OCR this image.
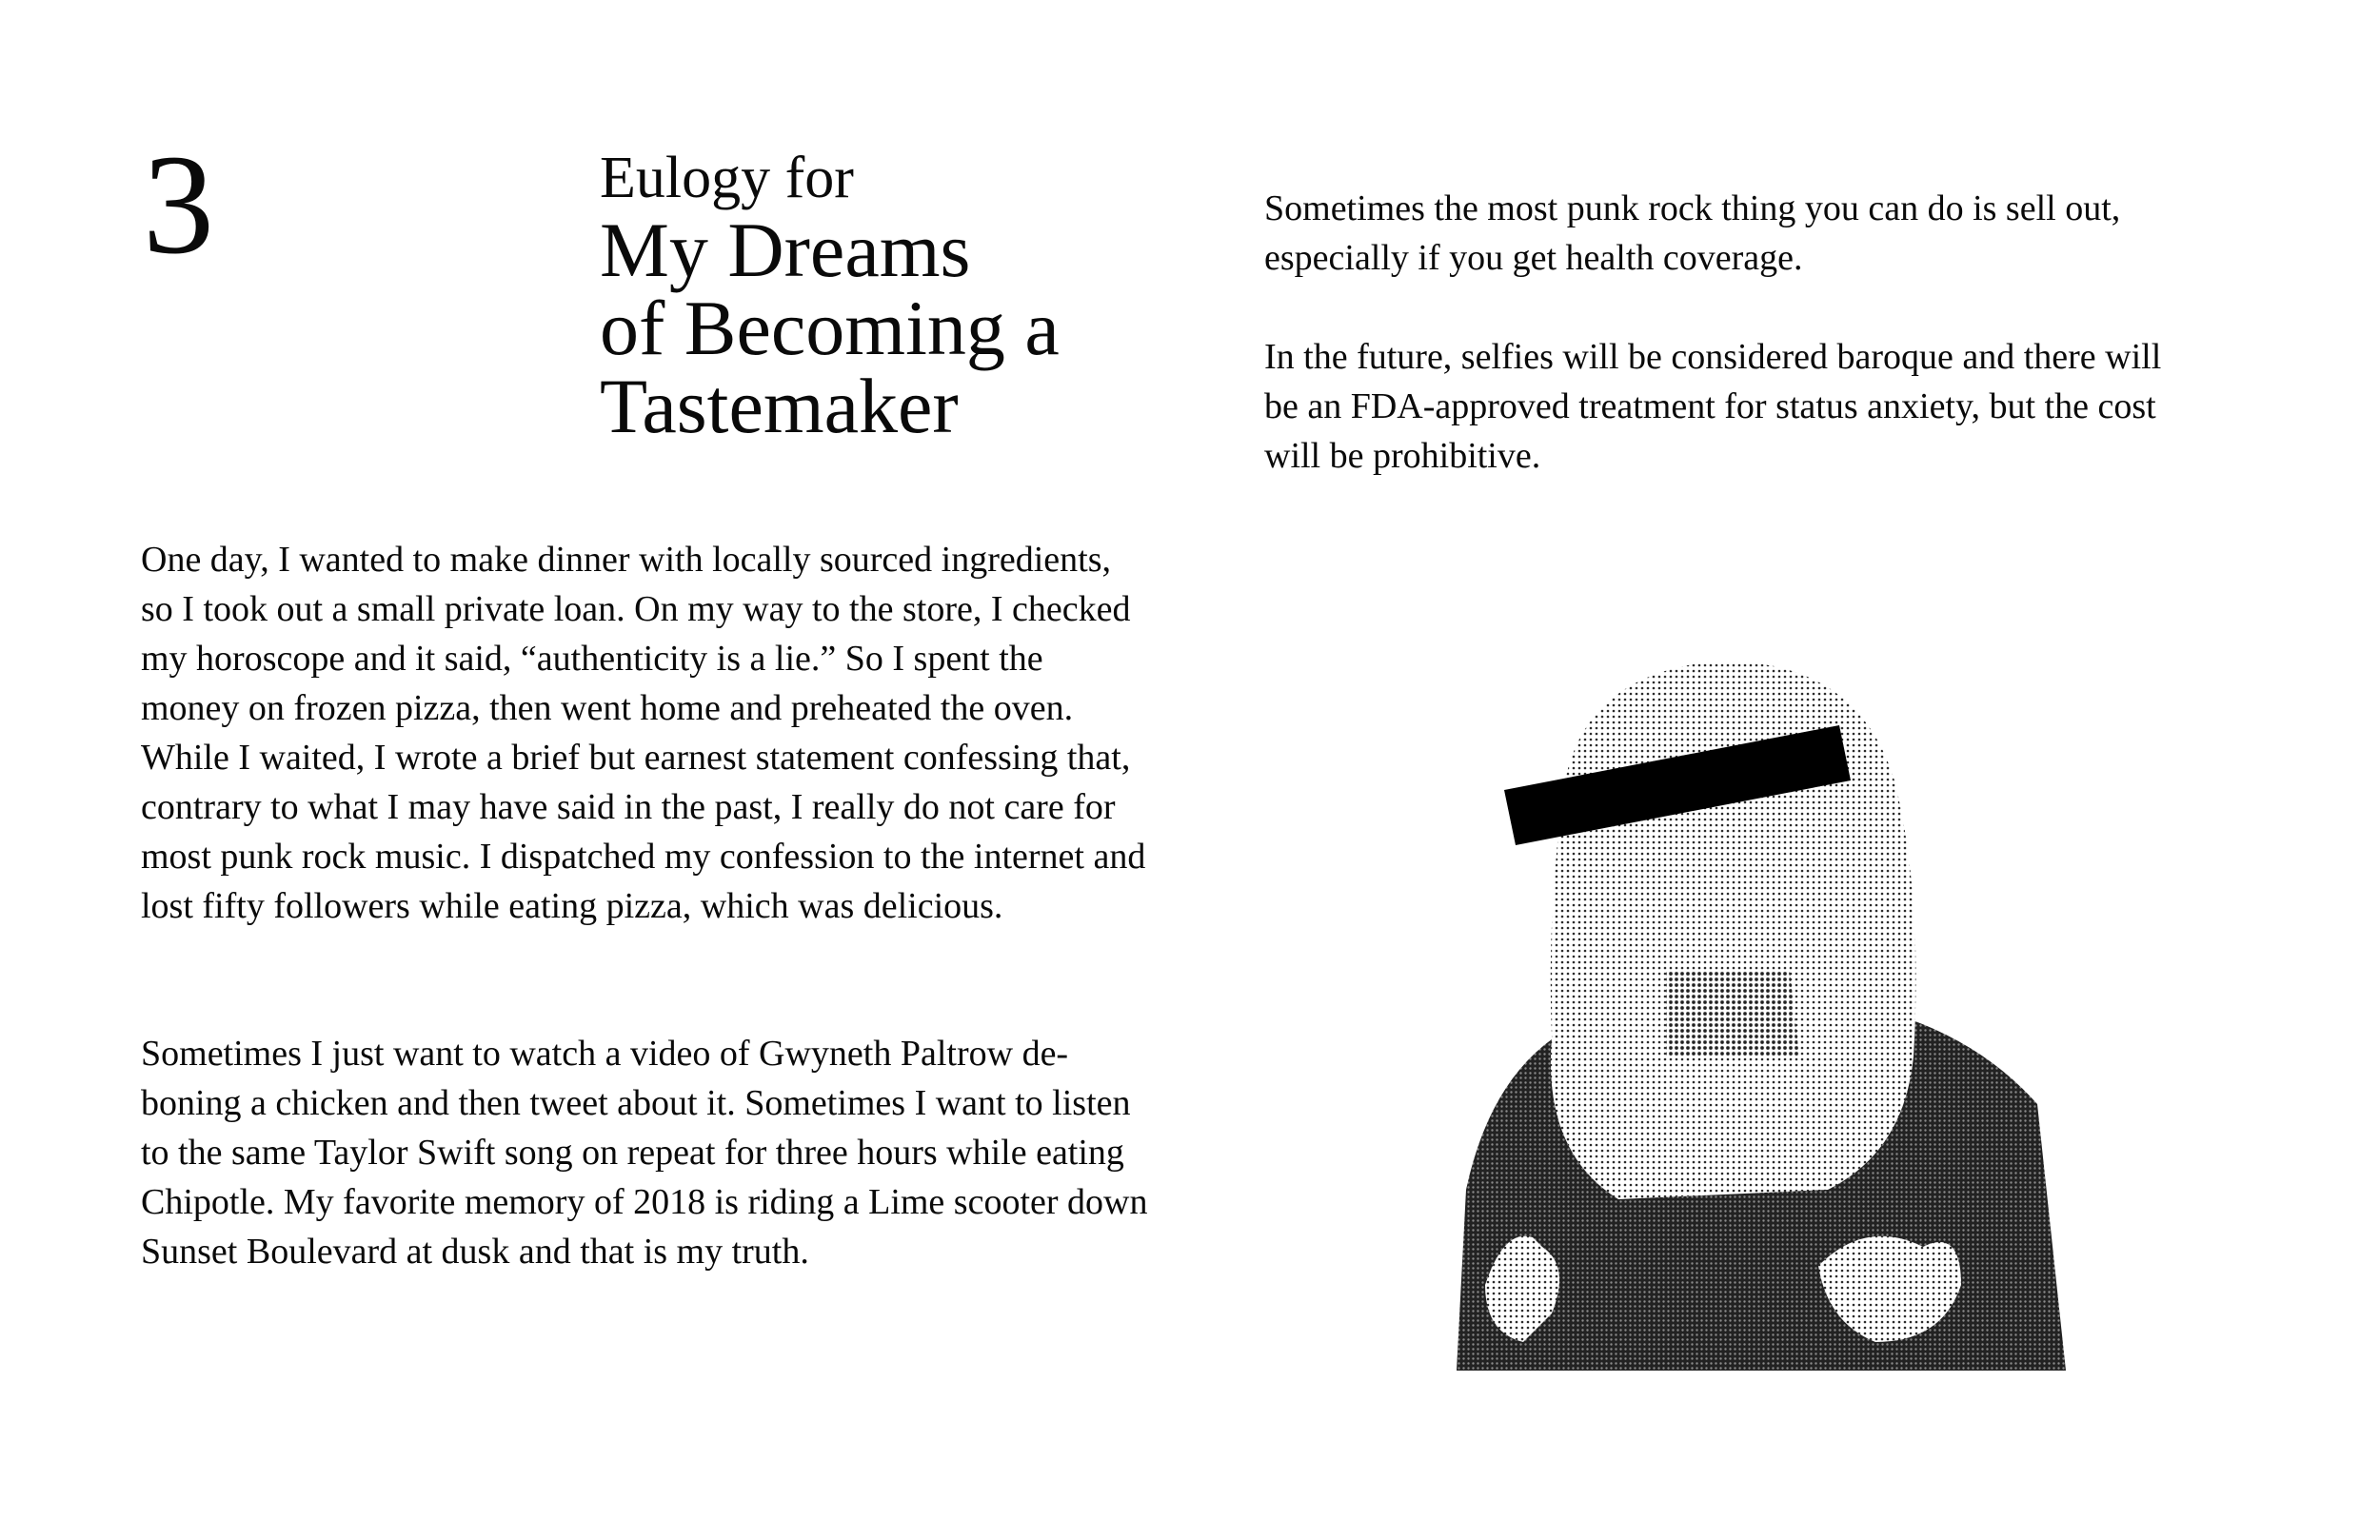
3	Eulogy for
My Dreams
of Becoming a
Tastemaker

One day, I wanted to make dinner with locally sourced ingredients, so I took out a small private loan. On my way to the store, I checked my horoscope and it said, “authenticity is a lie.” So I spent the money on frozen pizza, then went home and preheated the oven. While I waited, I wrote a brief but earnest statement confessing that, contrary to what I may have said in the past, I really do not care for most punk rock music. I dispatched my confession to the internet and lost fifty followers while eating pizza, which was delicious.

Sometimes I just want to watch a video of Gwyneth Paltrow de-boning a chicken and then tweet about it. Sometimes I want to listen to the same Taylor Swift song on repeat for three hours while eating Chipotle. My favorite memory of 2018 is riding a Lime scooter down Sunset Boulevard at dusk and that is my truth.

Sometimes the most punk rock thing you can do is sell out, especially if you get health coverage.

In the future, selfies will be considered baroque and there will be an FDA-approved treatment for status anxiety, but the cost will be prohibitive.
